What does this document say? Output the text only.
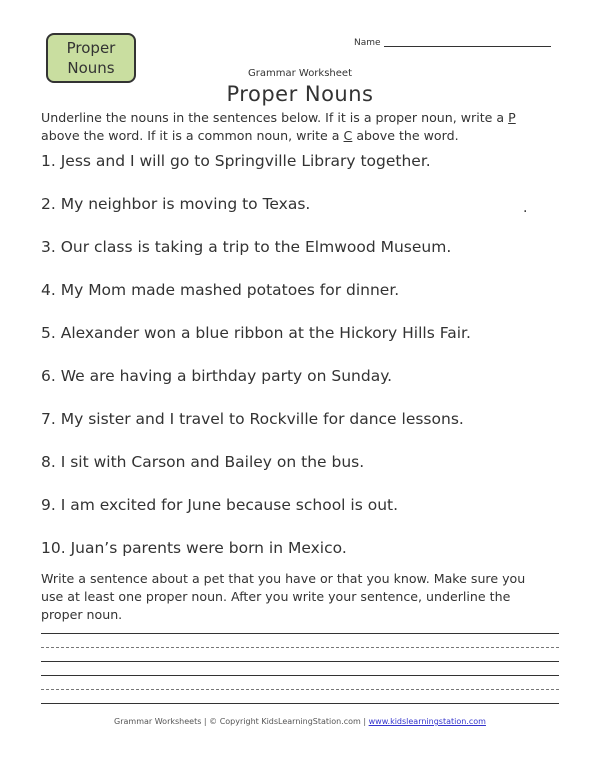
Proper
Nouns
Name
Grammar Worksheet
Proper Nouns
Underline the nouns in the sentences below. If it is a proper noun, write a P
above the word. If it is a common noun, write a C above the word.
1. Jess and I will go to Springville Library together.
2. My neighbor is moving to Texas.	.
3. Our class is taking a trip to the Elmwood Museum.
4. My Mom made mashed potatoes for dinner.
5. Alexander won a blue ribbon at the Hickory Hills Fair.
6. We are having a birthday party on Sunday.
7. My sister and I travel to Rockville for dance lessons.
8. I sit with Carson and Bailey on the bus.
9. I am excited for June because school is out.
10. Juan’s parents were born in Mexico.
Write a sentence about a pet that you have or that you know. Make sure you
use at least one proper noun. After you write your sentence, underline the
proper noun.
Grammar Worksheets | © Copyright KidsLearningStation.com | www.kidslearningstation.com
